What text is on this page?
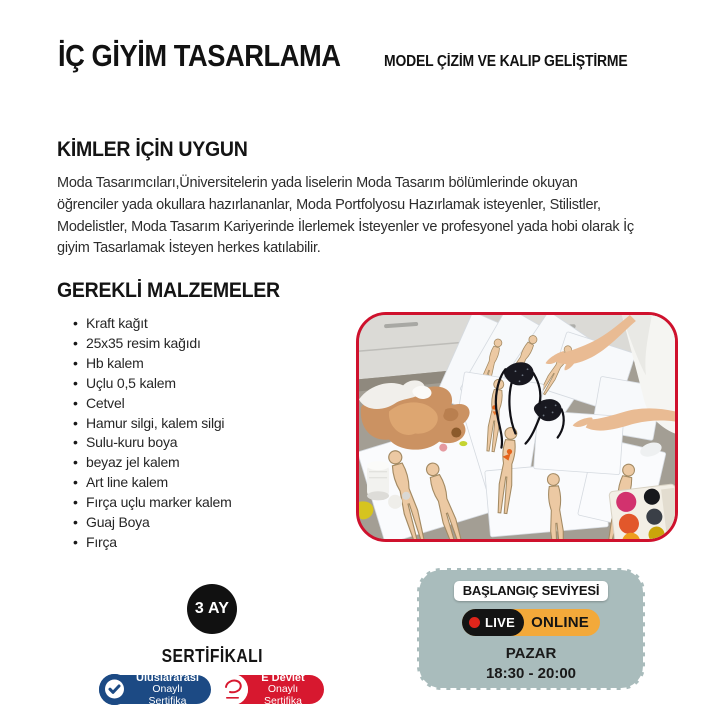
İÇ GİYİM TASARLAMA	MODEL ÇİZİM VE KALIP GELİŞTİRME
KİMLER İÇİN UYGUN

Moda Tasarımcıları,Üniversitelerin yada liselerin Moda Tasarım bölümlerinde okuyan öğrenciler yada okullara hazırlananlar, Moda Portfolyosu Hazırlamak isteyenler, Stilistler, Modelistler, Moda Tasarım Kariyerinde İlerlemek İsteyenler ve profesyonel yada hobi olarak İç giyim Tasarlamak İsteyen herkes katılabilir.

GEREKLİ MALZEMELER
• Kraft kağıt
• 25x35 resim kağıdı
• Hb kalem
• Uçlu 0,5 kalem
• Cetvel
• Hamur silgi, kalem silgi
• Sulu-kuru boya
• beyaz jel kalem
• Art line kalem
• Fırça uçlu marker kalem
• Guaj Boya
• Fırça
3 AY
SERTİFİKALI
Uluslararası
Onaylı Sertifika
E Devlet
Onaylı Sertifika
BAŞLANGIÇ SEVİYESİ
LIVE ONLINE
PAZAR
18:30 - 20:00
